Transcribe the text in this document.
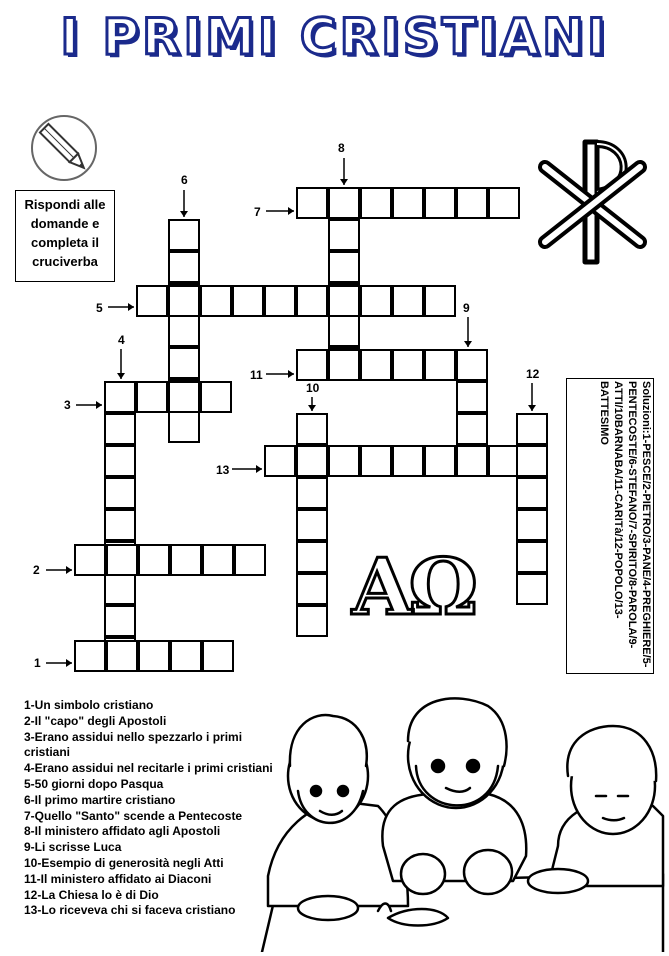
I PRIMI CRISTIANI
Rispondi alle domande e completa il cruciverba
6
8
7
5	9
4
11
10
12
3
13
2
1
AΩ	Soluzioni:1-PESCE/2-PIETRO/3-PANE/4-PREGHIERE/5-PENTECOSTE/6-STEFANO/7-SPIRITO/8-PAROLA/9-ATTI/10BARNABA/11-CARITà/12-POPOLO/13-BATTESIMO
1-Un simbolo cristiano
2-Il "capo" degli Apostoli
3-Erano assidui nello spezzarlo i primi cristiani
4-Erano assidui nel recitarle i primi cristiani
5-50 giorni dopo Pasqua
6-Il primo martire cristiano
7-Quello "Santo" scende a Pentecoste
8-Il ministero affidato agli Apostoli
9-Li scrisse Luca
10-Esempio di generosità negli Atti
11-Il ministero affidato ai Diaconi
12-La Chiesa lo è di Dio
13-Lo riceveva chi si faceva cristiano
